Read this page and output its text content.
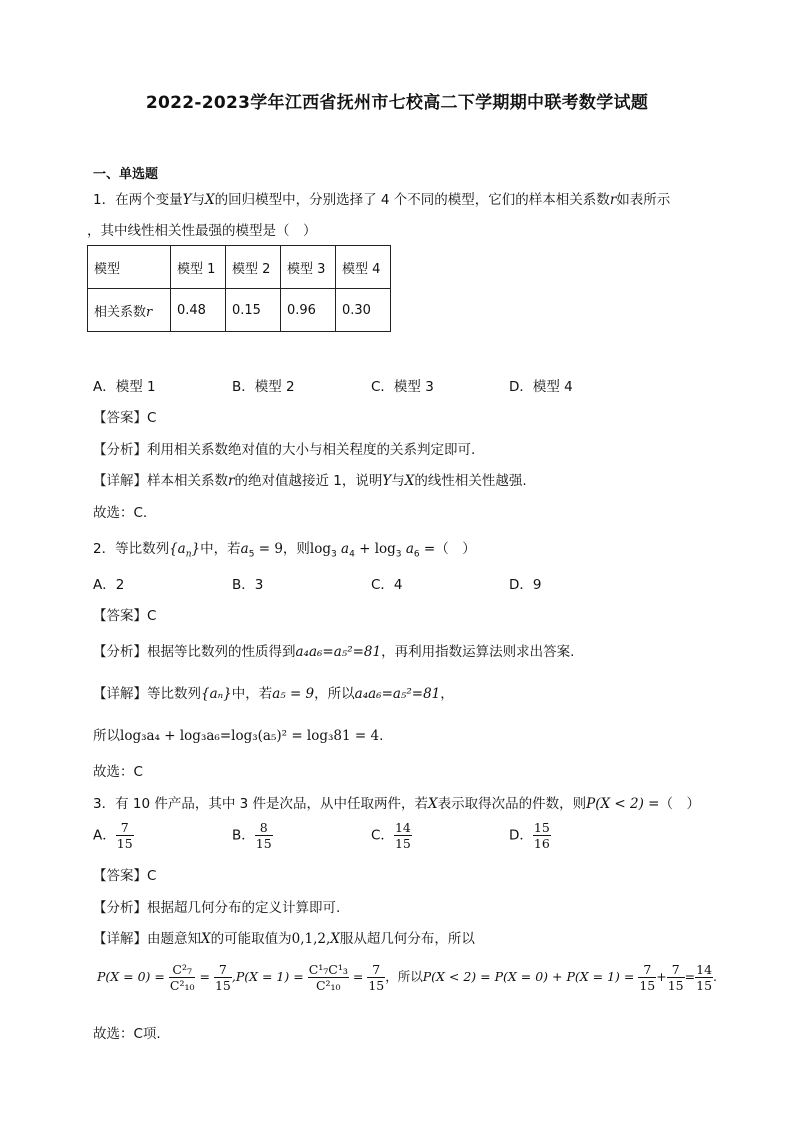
2022-2023学年江西省抚州市七校高二下学期期中联考数学试题
一、单选题
1．在两个变量Y与X的回归模型中，分别选择了 4 个不同的模型，它们的样本相关系数r如表所示
，其中线性相关性最强的模型是（　）
模型	模型 1	模型 2	模型 3	模型 4
相关系数r	0.48	0.15	0.96	0.30
A．模型 1	B．模型 2	C．模型 3	D．模型 4
【答案】C
【分析】利用相关系数绝对值的大小与相关程度的关系判定即可.
【详解】样本相关系数r的绝对值越接近 1，说明Y与X的线性相关性越强.
故选：C.
2．等比数列$\{a_n\}$中，若$a_5 = 9$，则$\log_3 a_4 + \log_3 a_6$ =（　）
A．2	B．3	C．4	D．9
【答案】C
【分析】根据等比数列的性质得到a₄a₆=a₅²=81，再利用指数运算法则求出答案.
【详解】等比数列{aₙ}中，若a₅ = 9，所以a₄a₆=a₅²=81，
所以log₃a₄ + log₃a₆=log₃(a₅)² = log₃81 = 4.
故选：C
3．有 10 件产品，其中 3 件是次品，从中任取两件，若X表示取得次品的件数，则P(X < 2) =（　）
A． $\frac{7}{15}$	B． $\frac{8}{15}$	C． $\frac{14}{15}$	D． $\frac{15}{16}$
【答案】C
【分析】根据超几何分布的定义计算即可.
【详解】由题意知X的可能取值为0,1,2,X服从超几何分布，所以
$P(X = 0) = \frac{\text{C²₇}}{\text{C²₁₀}} = \frac{7}{15} ,P(X = 1) = \frac{\text{C¹₇C¹₃}}{\text{C²₁₀}} = \frac{7}{15}$ ，所以$P(X < 2) = P(X = 0) + P(X = 1) = \frac{7}{15} + \frac{7}{15} = \frac{14}{15}$ .
故选：C项.
